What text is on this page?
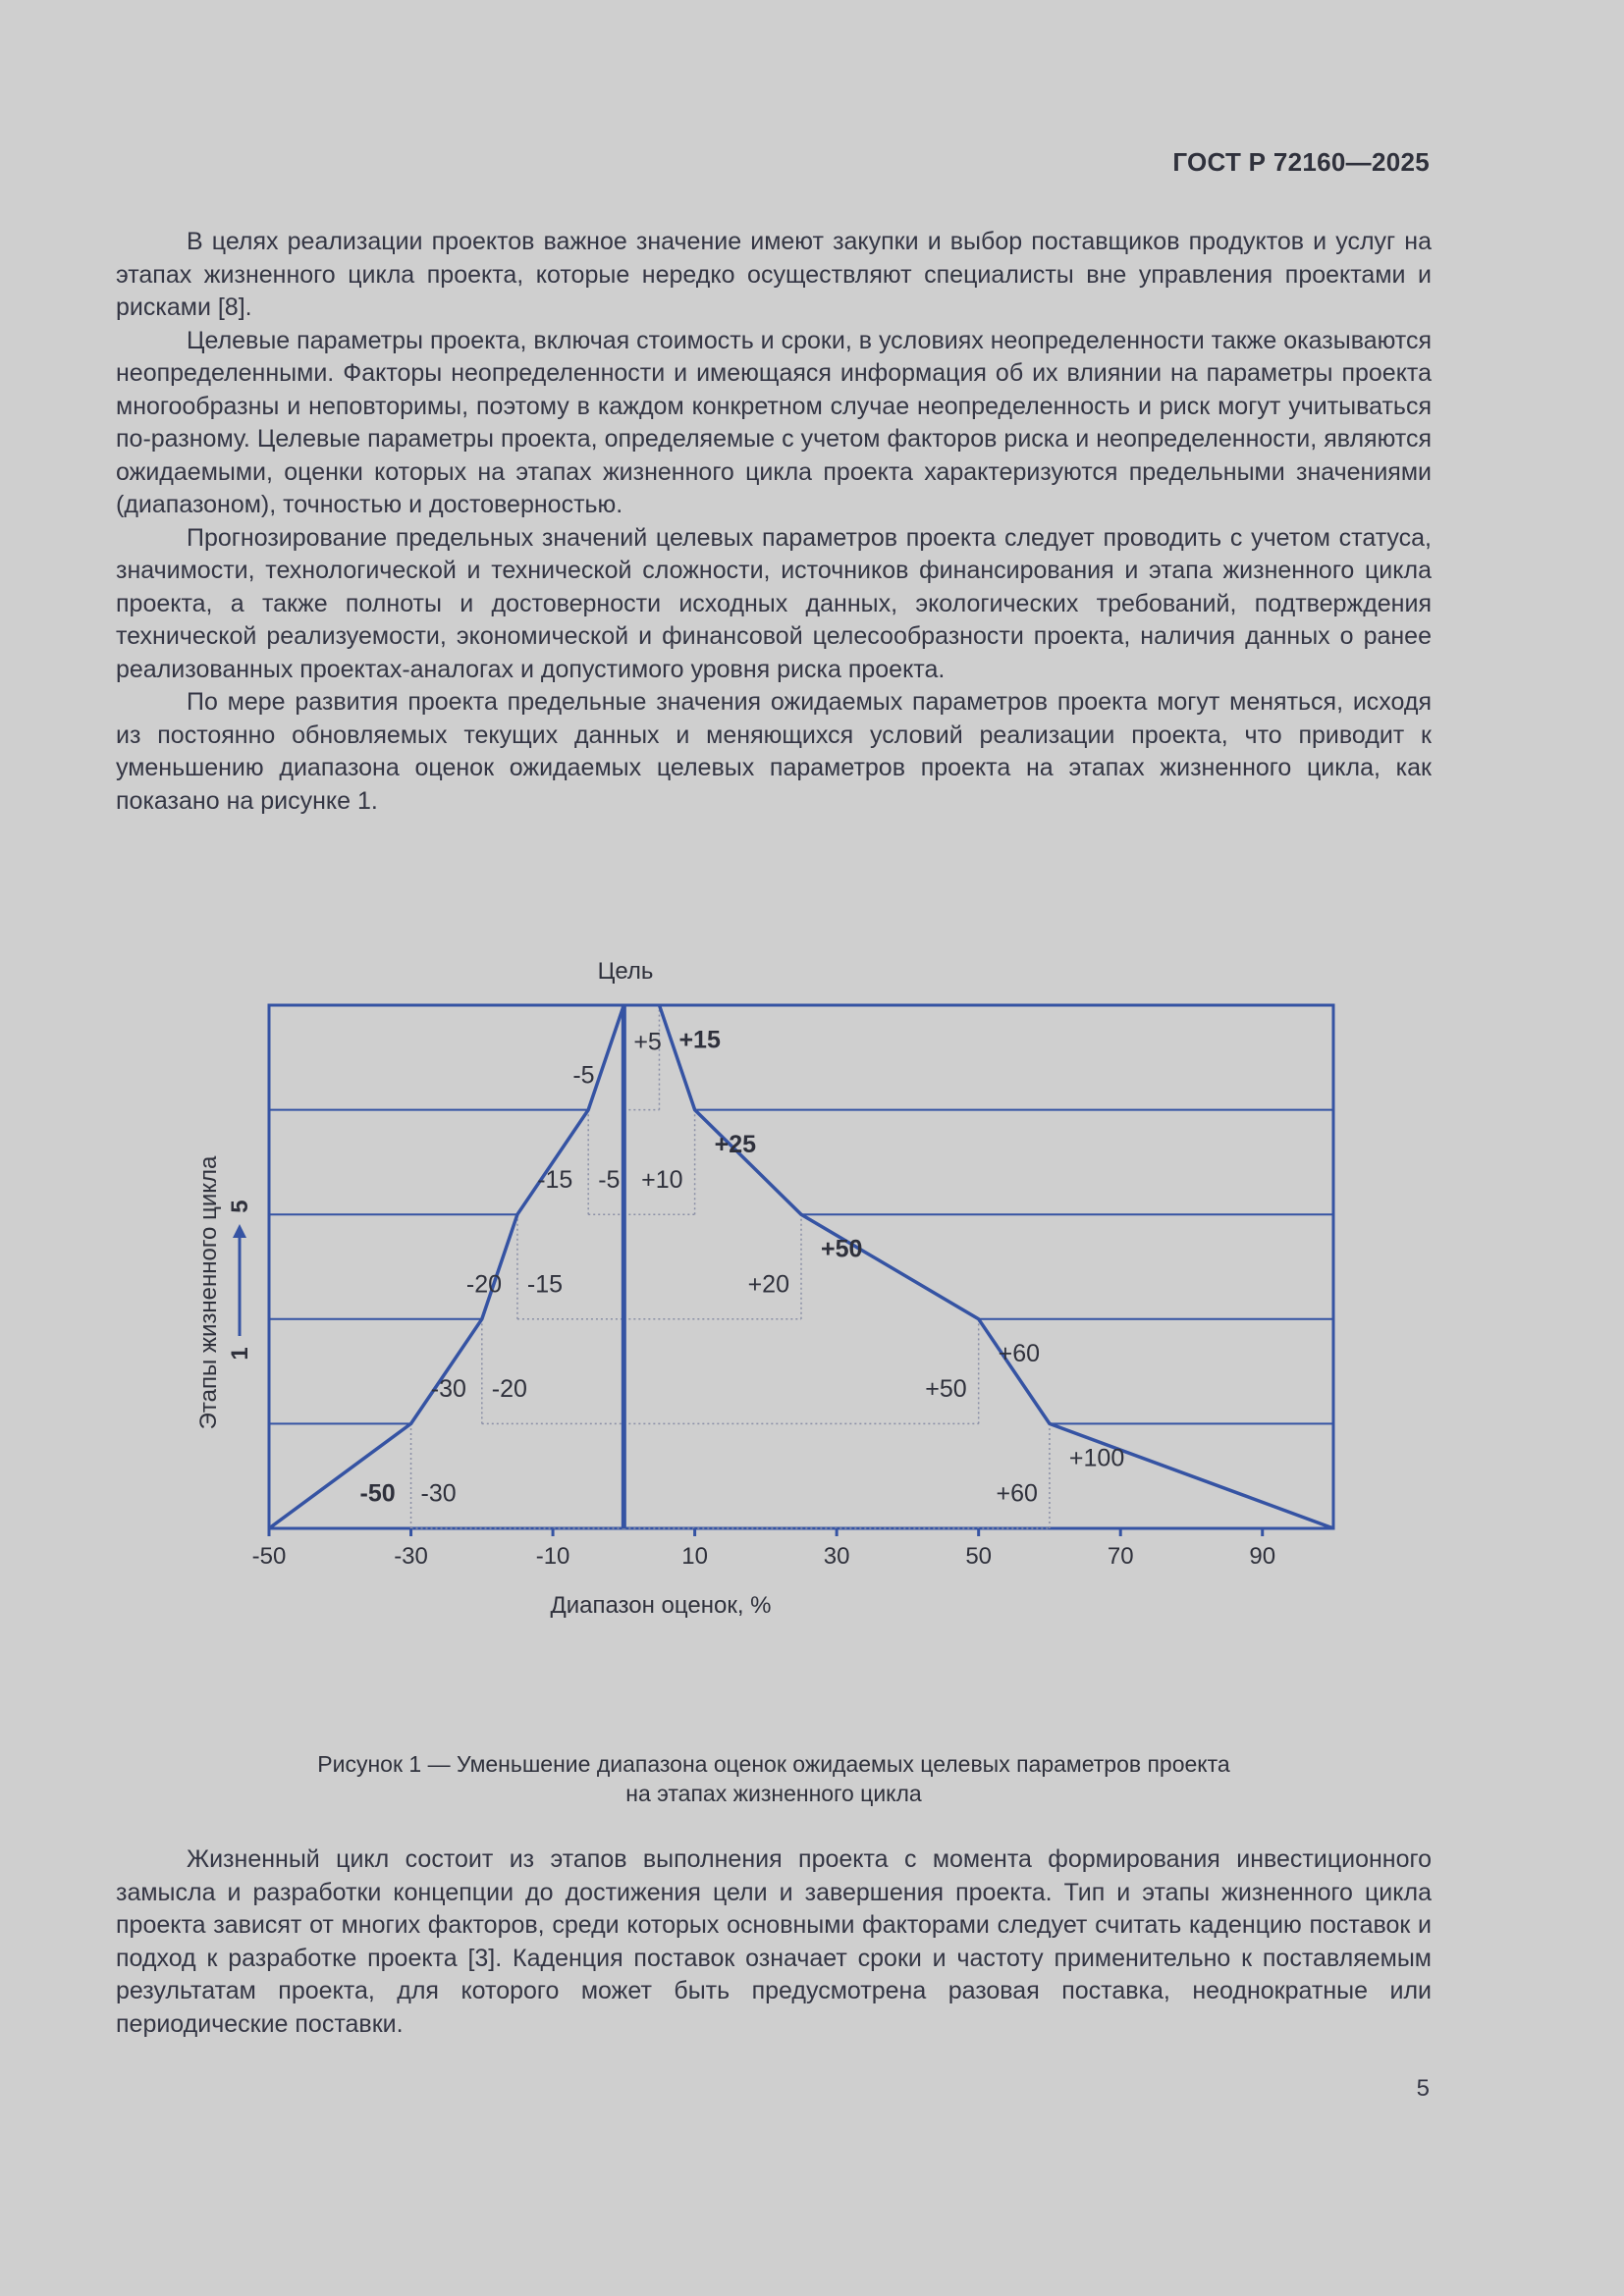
ГОСТ Р 72160—2025

В целях реализации проектов важное значение имеют закупки и выбор поставщиков продуктов и услуг на этапах жизненного цикла проекта, которые нередко осуществляют специалисты вне управления проектами и рисками [8].

Целевые параметры проекта, включая стоимость и сроки, в условиях неопределенности также оказываются неопределенными. Факторы неопределенности и имеющаяся информация об их влиянии на параметры проекта многообразны и неповторимы, поэтому в каждом конкретном случае неопределенность и риск могут учитываться по-разному. Целевые параметры проекта, определяемые с учетом факторов риска и неопределенности, являются ожидаемыми, оценки которых на этапах жизненного цикла проекта характеризуются предельными значениями (диапазоном), точностью и достоверностью.

Прогнозирование предельных значений целевых параметров проекта следует проводить с учетом статуса, значимости, технологической и технической сложности, источников финансирования и этапа жизненного цикла проекта, а также полноты и достоверности исходных данных, экологических требований, подтверждения технической реализуемости, экономической и финансовой целесообразности проекта, наличия данных о ранее реализованных проектах-аналогах и допустимого уровня риска проекта.

По мере развития проекта предельные значения ожидаемых параметров проекта могут меняться, исходя из постоянно обновляемых текущих данных и меняющихся условий реализации проекта, что приводит к уменьшению диапазона оценок ожидаемых целевых параметров проекта на этапах жизненного цикла, как показано на рисунке 1.

-50 -30	+60
+100
-30 -20	+50
+60
-20 -15	+20
+50
-15 -5 +10
+25
-5
+5 +15
-50	-30	-10	10	30	50	70	90
Цель
Диапазон оценок, %
Этапы жизненного цикла 1
5
Рисунок 1 — Уменьшение диапазона оценок ожидаемых целевых параметров проекта
на этапах жизненного цикла

Жизненный цикл состоит из этапов выполнения проекта с момента формирования инвестиционного замысла и разработки концепции до достижения цели и завершения проекта. Тип и этапы жизненного цикла проекта зависят от многих факторов, среди которых основными факторами следует считать каденцию поставок и подход к разработке проекта [3]. Каденция поставок означает сроки и частоту применительно к поставляемым результатам проекта, для которого может быть предусмотрена разовая поставка, неоднократные или периодические поставки.

5
